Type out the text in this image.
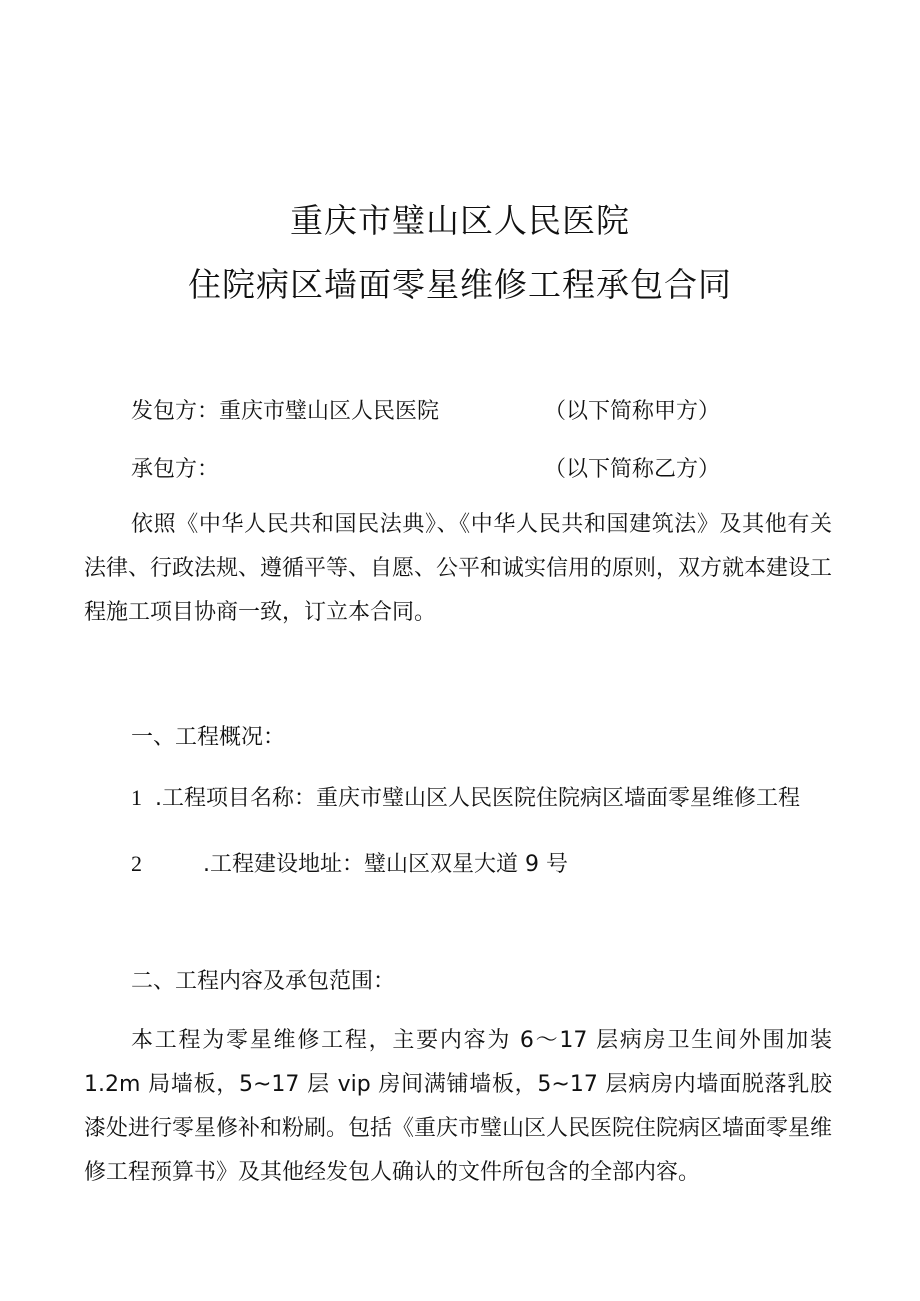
重庆市璧山区人民医院
住院病区墙面零星维修工程承包合同
发包方：重庆市璧山区人民医院	（以下简称甲方）
承包方：	（以下简称乙方）
依照《中华人民共和国民法典》、《中华人民共和国建筑法》及其他有关法律、行政法规、遵循平等、自愿、公平和诚实信用的原则，双方就本建设工程施工项目协商一致，订立本合同。
一、工程概况：
1 .工程项目名称：重庆市璧山区人民医院住院病区墙面零星维修工程
2	.工程建设地址：璧山区双星大道 9 号
二、工程内容及承包范围：
本工程为零星维修工程，主要内容为 6～17 层病房卫生间外围加装 1.2m 局墙板，5~17 层 vip 房间满铺墙板，5~17 层病房内墙面脱落乳胶漆处进行零星修补和粉刷。包括《重庆市璧山区人民医院住院病区墙面零星维修工程预算书》及其他经发包人确认的文件所包含的全部内容。
